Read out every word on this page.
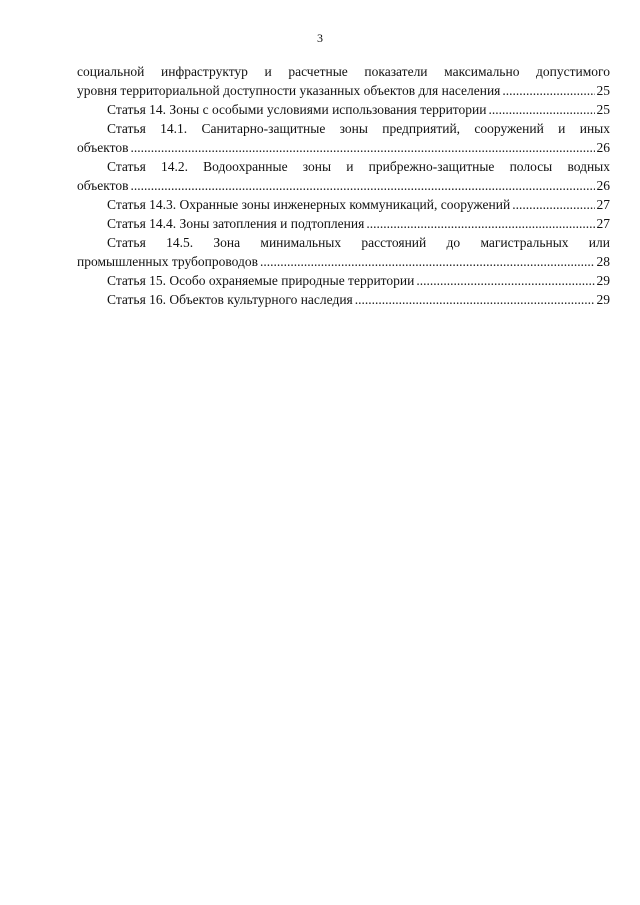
3
социальной инфраструктур и расчетные показатели максимально допустимого
уровня территориальной доступности указанных объектов для населения .....	25
Статья 14. Зоны с особыми условиями использования территории .....	25
Статья 14.1. Санитарно-защитные зоны предприятий, сооружений и иных
объектов .....	26
Статья 14.2. Водоохранные зоны и прибрежно-защитные полосы водных
объектов .....	26
Статья 14.3. Охранные зоны инженерных коммуникаций, сооружений .....	27
Статья 14.4. Зоны затопления и подтопления .....	27
Статья 14.5. Зона минимальных расстояний до магистральных или
промышленных трубопроводов .....	28
Статья 15. Особо охраняемые природные территории .....	29
Статья 16. Объектов культурного наследия .....	29
